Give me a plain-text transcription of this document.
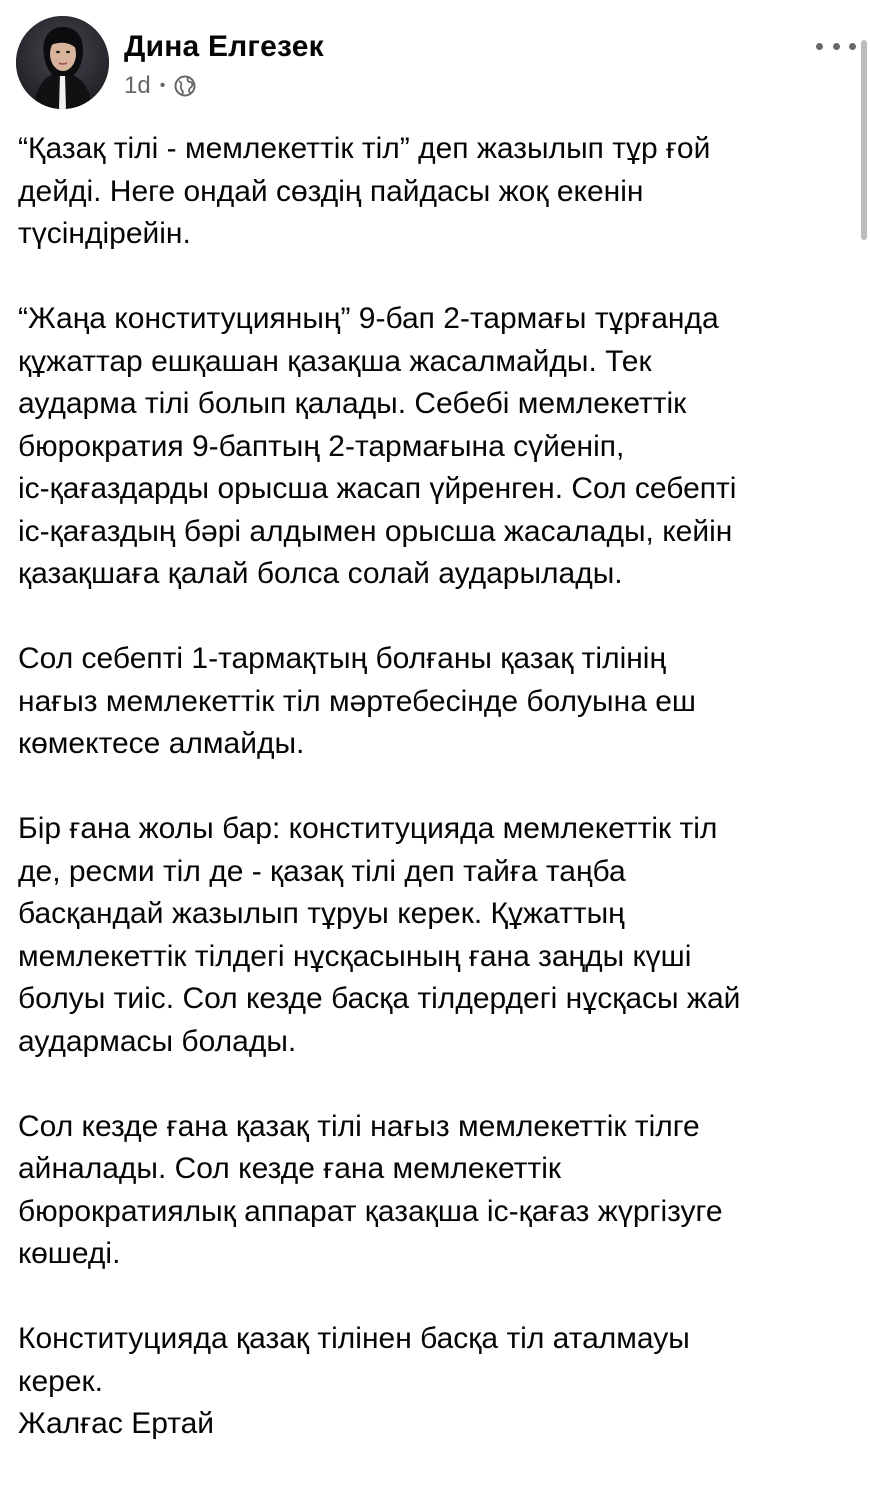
Дина Елгезек
1d •

“Қазақ тілі - мемлекеттік тіл” деп жазылып тұр ғой
дейді. Неге ондай сөздің пайдасы жоқ екенін
түсіндірейін.

“Жаңа конституцияның” 9-бап 2-тармағы тұрғанда
құжаттар ешқашан қазақша жасалмайды. Тек
аударма тілі болып қалады. Себебі мемлекеттік
бюрократия 9-баптың 2-тармағына сүйеніп,
іс-қағаздарды орысша жасап үйренген. Сол себепті
іс-қағаздың бәрі алдымен орысша жасалады, кейін
қазақшаға қалай болса солай аударылады.

Сол себепті 1-тармақтың болғаны қазақ тілінің
нағыз мемлекеттік тіл мәртебесінде болуына еш
көмектесе алмайды.

Бір ғана жолы бар: конституцияда мемлекеттік тіл
де, ресми тіл де - қазақ тілі деп тайға таңба
басқандай жазылып тұруы керек. Құжаттың
мемлекеттік тілдегі нұсқасының ғана заңды күші
болуы тиіс. Сол кезде басқа тілдердегі нұсқасы жай
аудармасы болады.

Сол кезде ғана қазақ тілі нағыз мемлекеттік тілге
айналады. Сол кезде ғана мемлекеттік
бюрократиялық аппарат қазақша іс-қағаз жүргізуге
көшеді.

Конституцияда қазақ тілінен басқа тіл аталмауы
керек.
Жалғас Ертай
